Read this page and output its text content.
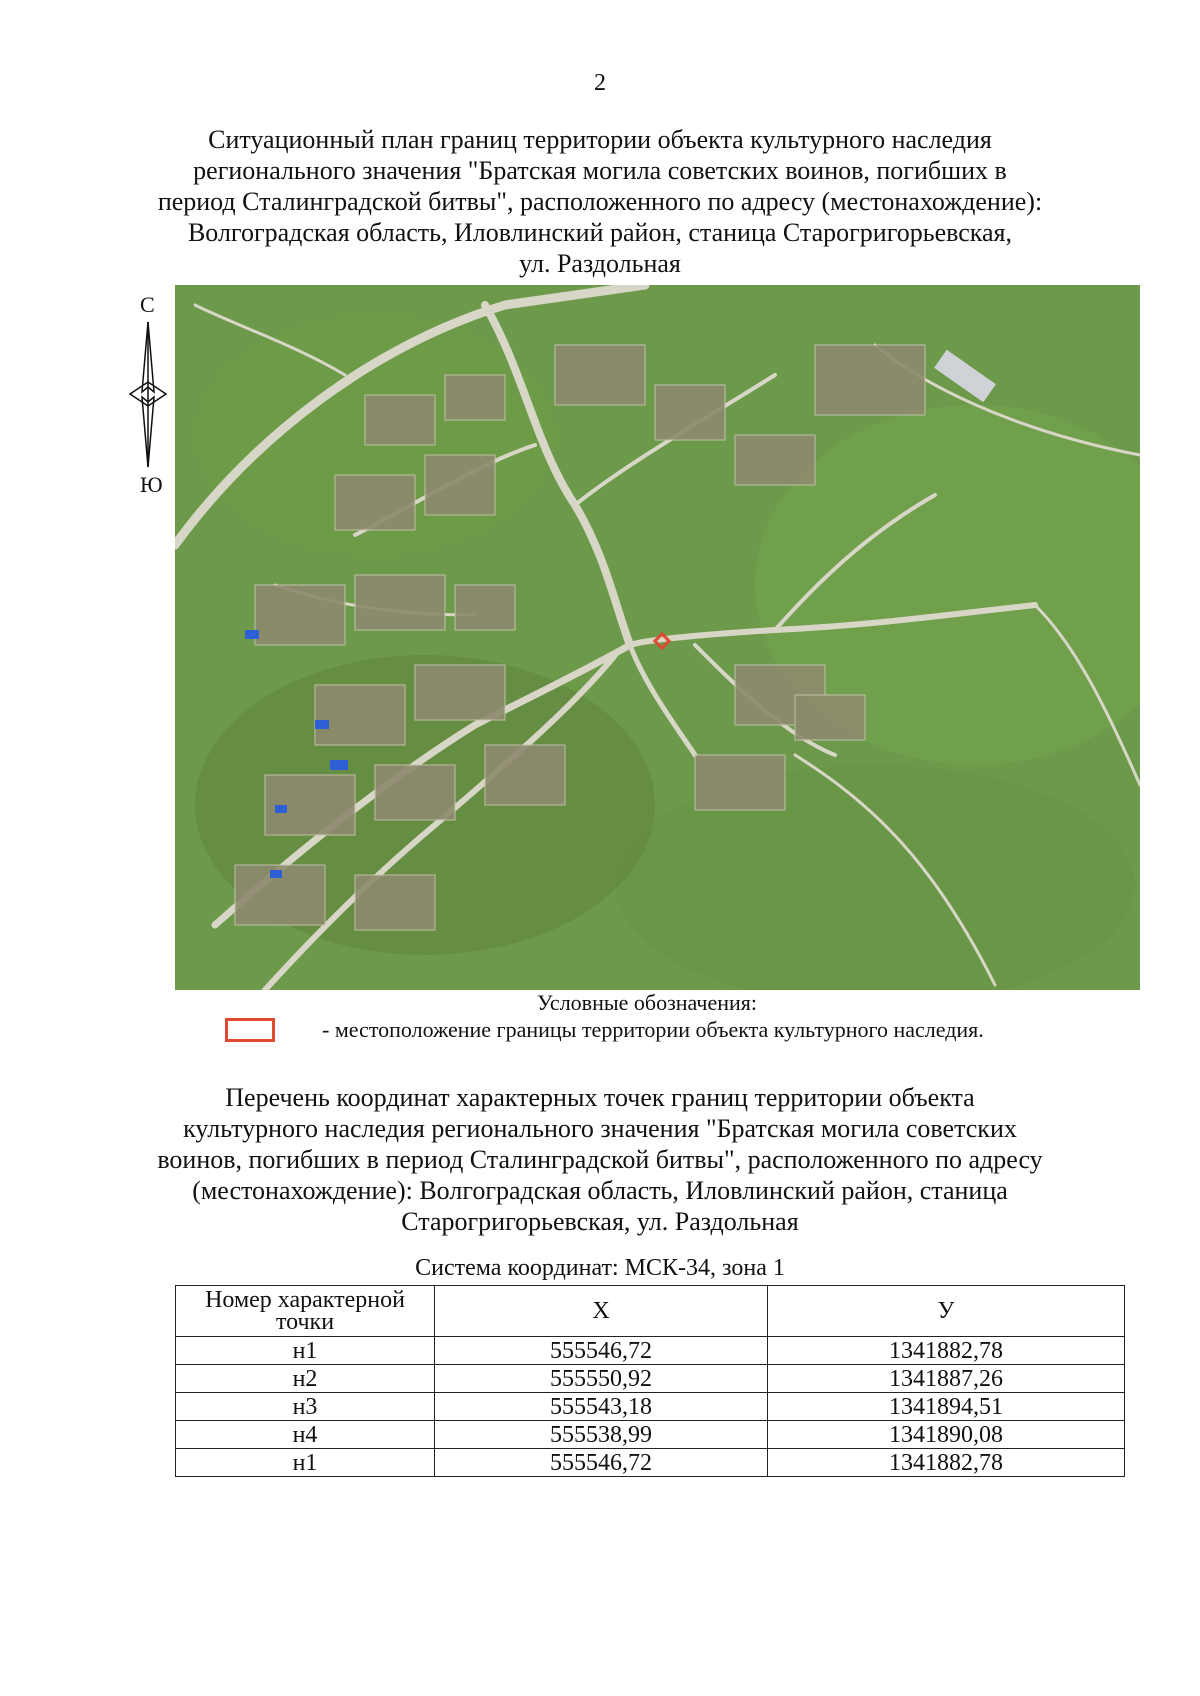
2
Ситуационный план границ территории объекта культурного наследия
регионального значения "Братская могила советских воинов, погибших в
период Сталинградской битвы", расположенного по адресу (местонахождение):
Волгоградская область, Иловлинский район, станица Старогригорьевская,
ул. Раздольная
С
Ю
Условные обозначения:
- местоположение границы территории объекта культурного наследия.
Перечень координат характерных точек границ территории объекта
культурного наследия регионального значения "Братская могила советских
воинов, погибших в период Сталинградской битвы", расположенного по адресу
(местонахождение): Волгоградская область, Иловлинский район, станица
Старогригорьевская, ул. Раздольная
Система координат: МСК-34, зона 1
Номер характерной точки	X	У
н1	555546,72	1341882,78
н2	555550,92	1341887,26
н3	555543,18	1341894,51
н4	555538,99	1341890,08
н1	555546,72	1341882,78
